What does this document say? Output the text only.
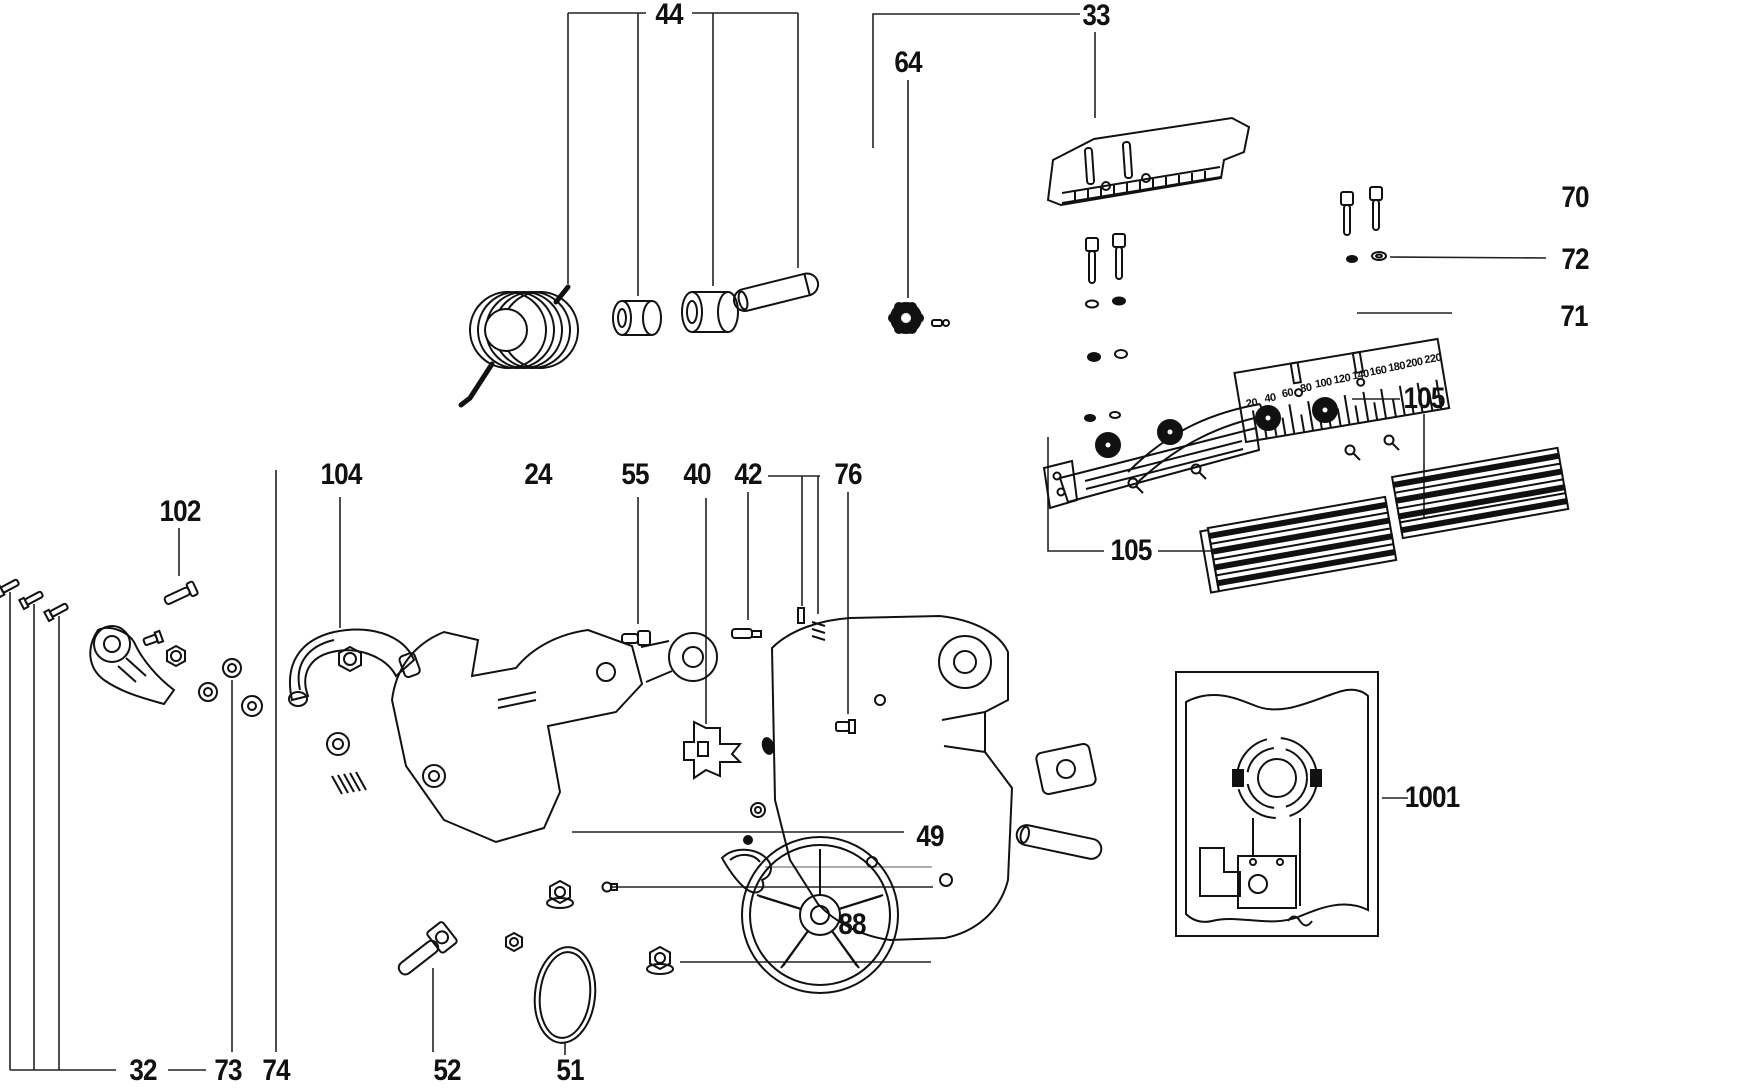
20 40 60 80 100 120 140
160 180
200 220
44	33
64
70
72
71
105
105
102
104	24 55 40 42 76
49
88
1001
32 73 74	52	51
